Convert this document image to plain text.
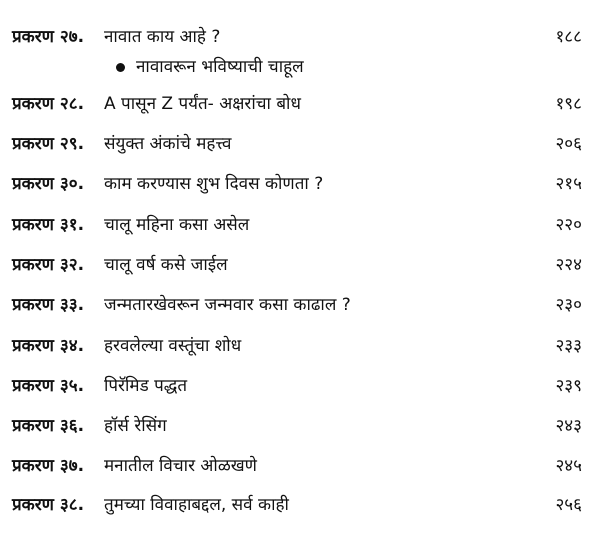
प्रकरण २७. नावात काय आहे ?	१८८
नावावरून भविष्याची चाहूल
प्रकरण २८. A पासून Z पर्यंत- अक्षरांचा बोध	१९८
प्रकरण २९. संयुक्त अंकांचे महत्त्व	२०६
प्रकरण ३०. काम करण्यास शुभ दिवस कोणता ?	२१५
प्रकरण ३१. चालू महिना कसा असेल	२२०
प्रकरण ३२. चालू वर्ष कसे जाईल	२२४
प्रकरण ३३. जन्मतारखेवरून जन्मवार कसा काढाल ?	२३०
प्रकरण ३४. हरवलेल्या वस्तूंचा शोध	२३३
प्रकरण ३५. पिरॅमिड पद्धत	२३९
प्रकरण ३६. हॉर्स रेसिंग	२४३
प्रकरण ३७. मनातील विचार ओळखणे	२४५
प्रकरण ३८. तुमच्या विवाहाबद्दल, सर्व काही	२५६
